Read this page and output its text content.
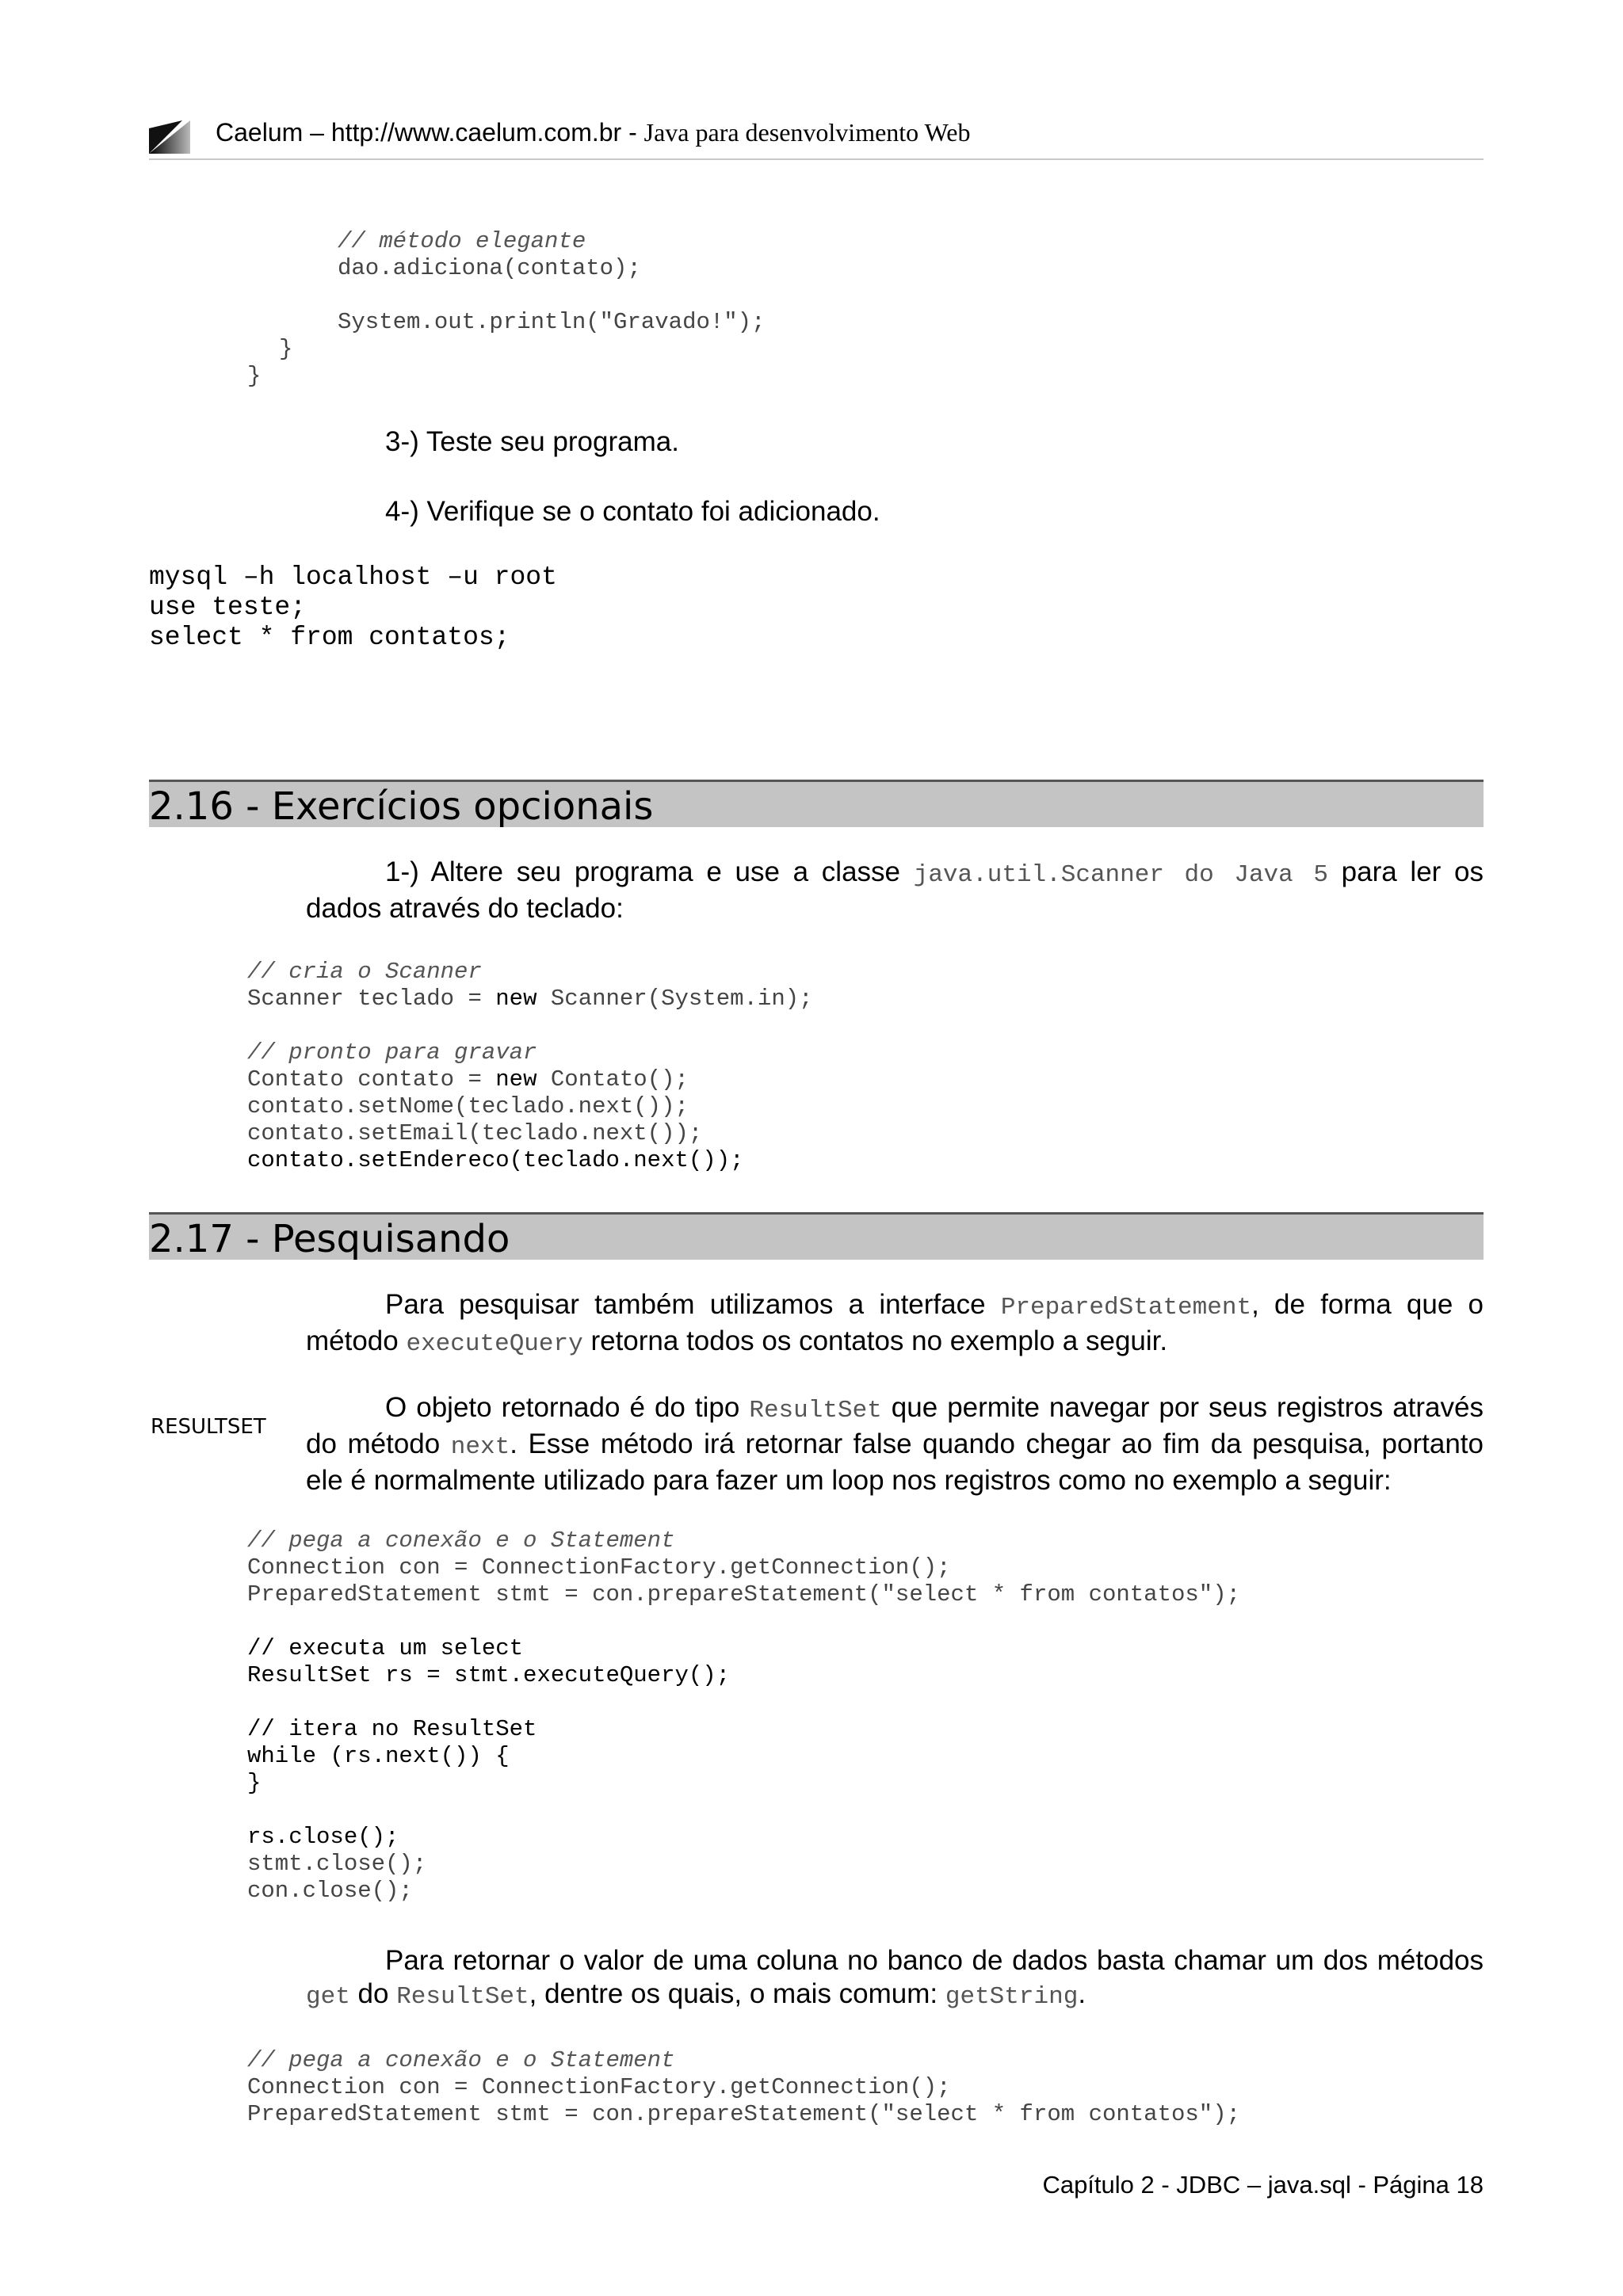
Caelum – http://www.caelum.com.br - Java para desenvolvimento Web
// método elegante
dao.adiciona(contato);

System.out.println("Gravado!");
}
}
3-) Teste seu programa.
4-) Verifique se o contato foi adicionado.
mysql –h localhost –u root
use teste;
select * from contatos;
2.16 - Exercícios opcionais

1-) Altere seu programa e use a classe java.util.Scanner do Java 5 para ler os dados através do teclado:

// cria o Scanner
Scanner teclado = new Scanner(System.in);

// pronto para gravar
Contato contato = new Contato();
contato.setNome(teclado.next());
contato.setEmail(teclado.next());
contato.setEndereco(teclado.next());
2.17 - Pesquisando

Para pesquisar também utilizamos a interface PreparedStatement, de forma que o método executeQuery retorna todos os contatos no exemplo a seguir.

RESULTSET

O objeto retornado é do tipo ResultSet que permite navegar por seus registros através do método next. Esse método irá retornar false quando chegar ao fim da pesquisa, portanto ele é normalmente utilizado para fazer um loop nos registros como no exemplo a seguir:

// pega a conexão e o Statement
Connection con = ConnectionFactory.getConnection();
PreparedStatement stmt = con.prepareStatement("select * from contatos");

// executa um select
ResultSet rs = stmt.executeQuery();

// itera no ResultSet
while (rs.next()) {
}

rs.close();
stmt.close();
con.close();

Para retornar o valor de uma coluna no banco de dados basta chamar um dos métodos get do ResultSet, dentre os quais, o mais comum: getString.

// pega a conexão e o Statement
Connection con = ConnectionFactory.getConnection();
PreparedStatement stmt = con.prepareStatement("select * from contatos");
Capítulo 2 - JDBC – java.sql - Página 18
